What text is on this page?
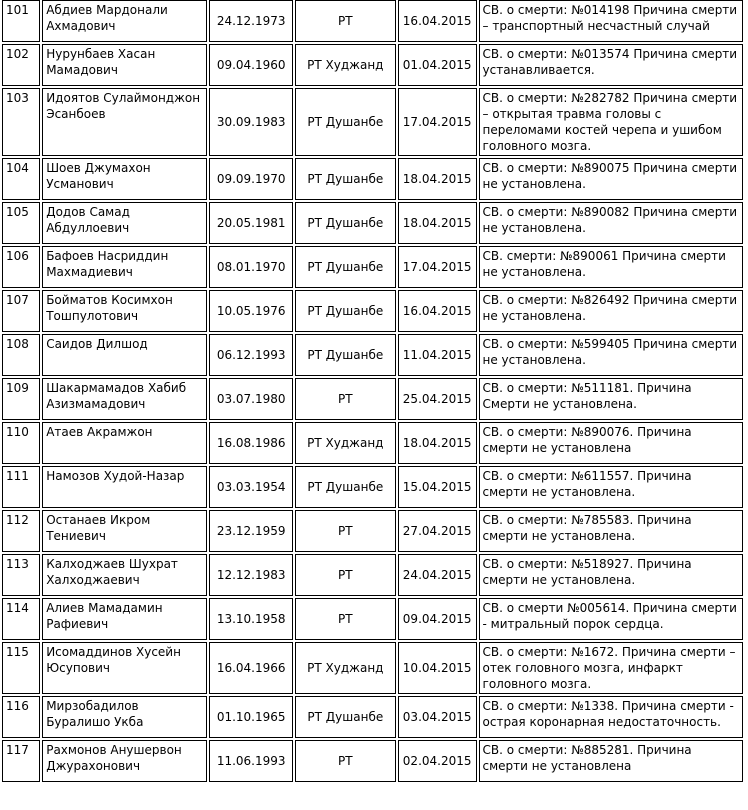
101	Абдиев Мардонали Ахмадович	24.12.1973	РТ	16.04.2015	СВ. о смерти: №014198 Причина смерти – транспортный несчастный случай
102	Нурунбаев Хасан Мамадович	09.04.1960	РТ Худжанд	01.04.2015	СВ. о смерти: №013574 Причина смерти устанавливается.
103	Идоятов Сулаймонджон Эсанбоев	30.09.1983	РТ Душанбе	17.04.2015	СВ. о смерти: №282782 Причина смерти – открытая травма головы с переломами костей черепа и ушибом головного мозга.
104	Шоев Джумахон Усманович	09.09.1970	РТ Душанбе	18.04.2015	СВ. о смерти: №890075 Причина смерти не установлена.
105	Додов Самад Абдуллоевич	20.05.1981	РТ Душанбе	18.04.2015	СВ. о смерти: №890082 Причина смерти не установлена.
106	Бафоев Насриддин Махмадиевич	08.01.1970	РТ Душанбе	17.04.2015	СВ. смерти: №890061 Причина смерти не установлена.
107	Бойматов Косимхон Тошпулотович	10.05.1976	РТ Душанбе	16.04.2015	СВ. о смерти: №826492 Причина смерти не установлена.
108	Саидов Дилшод	06.12.1993	РТ Душанбе	11.04.2015	СВ. о смерти: №599405 Причина смерти не установлена.
109	Шакармамадов Хабиб Азизмамадович	03.07.1980	РТ	25.04.2015	СВ. о смерти: №511181. Причина Смерти не установлена.
110	Атаев Акрамжон	16.08.1986	РТ Худжанд	18.04.2015	СВ. о смерти: №890076. Причина смерти не установлена
111	Намозов Худой-Назар	03.03.1954	РТ Душанбе	15.04.2015	СВ. о смерти: №611557. Причина смерти не установлена.
112	Останаев Икром Тениевич	23.12.1959	РТ	27.04.2015	СВ. о смерти: №785583. Причина смерти не установлена.
113	Калходжаев Шухрат Халходжаевич	12.12.1983	РТ	24.04.2015	СВ. о смерти: №518927. Причина смерти не установлена.
114	Алиев Мамадамин Рафиевич	13.10.1958	РТ	09.04.2015	СВ. о смерти №005614. Причина смерти - митральный порок сердца.
115	Исомаддинов Хусейн Юсупович	16.04.1966	РТ Худжанд	10.04.2015	СВ. о смерти: №1672. Причина смерти – отек головного мозга, инфаркт головного мозга.
116	Мирзобадилов Буралишо Укба	01.10.1965	РТ Душанбе	03.04.2015	СВ. о смерти: №1338. Причина смерти - острая коронарная недостаточность.
117	Рахмонов Анушервон Джурахонович	11.06.1993	РТ	02.04.2015	СВ. о смерти: №885281. Причина смерти не установлена
